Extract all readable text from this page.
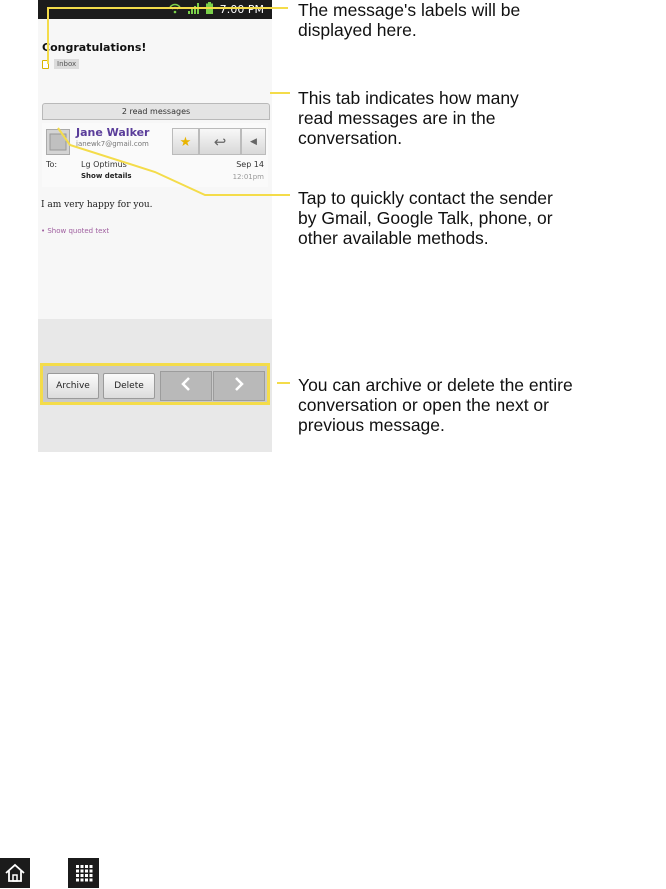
7:00 PM
Congratulations!
Inbox
2 read messages
Jane Walker
janewk7@gmail.com ★ ↩	◀
To:	Lg Optimus	Sep 14
Show details	12:01pm
I am very happy for you.
• Show quoted text
Archive	Delete
The message's labels will be
displayed here.
This tab indicates how many
read messages are in the
conversation.
Tap to quickly contact the sender
by Gmail, Google Talk, phone, or
other available methods.
You can archive or delete the entire
conversation or open the next or
previous message.
